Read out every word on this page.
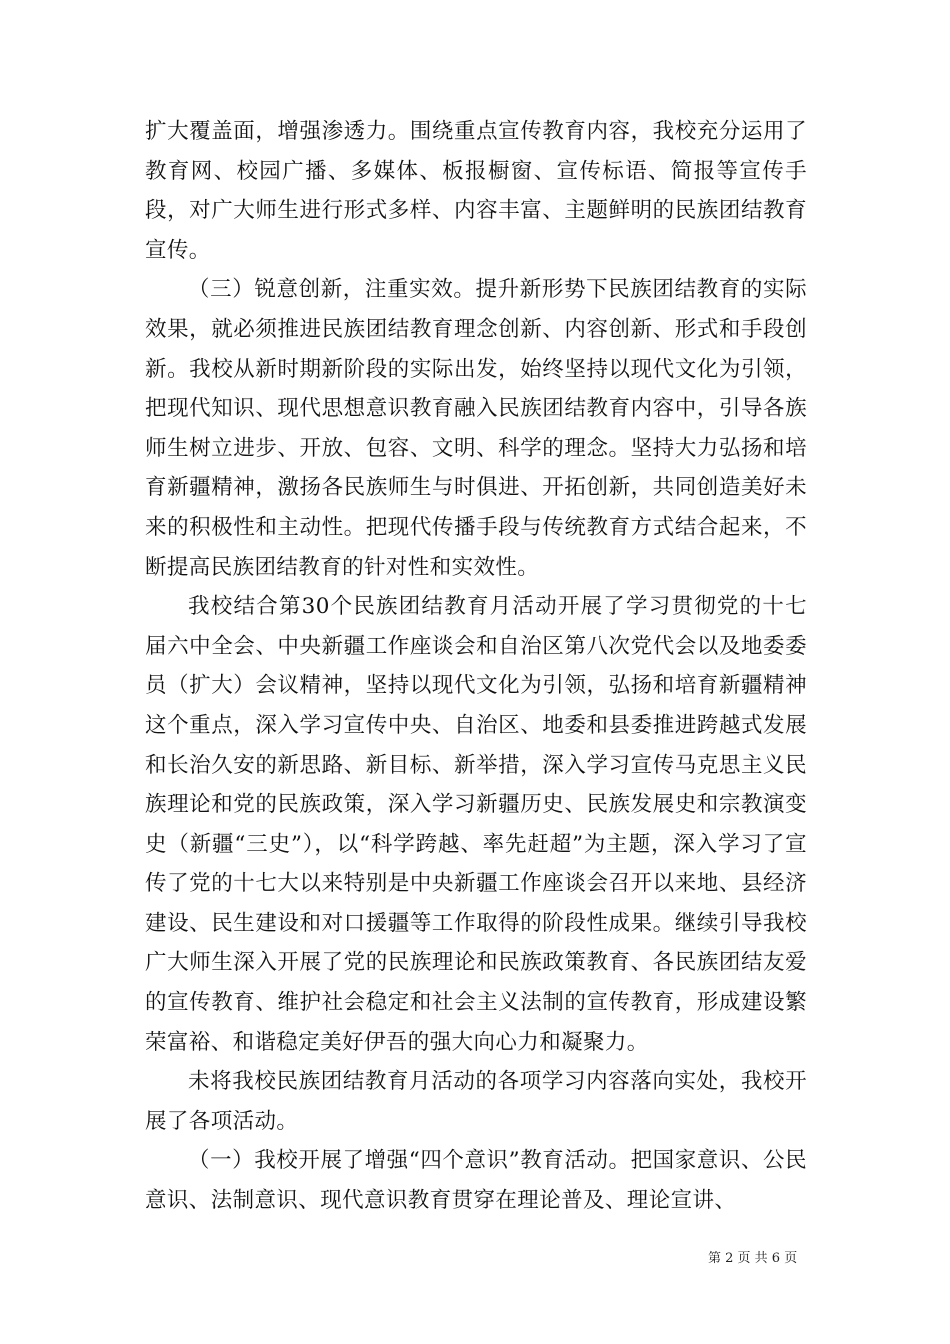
扩大覆盖面，增强渗透力。围绕重点宣传教育内容，我校充分运用了教育网、校园广播、多媒体、板报橱窗、宣传标语、简报等宣传手段，对广大师生进行形式多样、内容丰富、主题鲜明的民族团结教育宣传。

（三）锐意创新，注重实效。提升新形势下民族团结教育的实际效果，就必须推进民族团结教育理念创新、内容创新、形式和手段创新。我校从新时期新阶段的实际出发，始终坚持以现代文化为引领，把现代知识、现代思想意识教育融入民族团结教育内容中，引导各族师生树立进步、开放、包容、文明、科学的理念。坚持大力弘扬和培育新疆精神，激扬各民族师生与时俱进、开拓创新，共同创造美好未来的积极性和主动性。把现代传播手段与传统教育方式结合起来，不断提高民族团结教育的针对性和实效性。

我校结合第30个民族团结教育月活动开展了学习贯彻党的十七届六中全会、中央新疆工作座谈会和自治区第八次党代会以及地委委员（扩大）会议精神，坚持以现代文化为引领，弘扬和培育新疆精神这个重点，深入学习宣传中央、自治区、地委和县委推进跨越式发展和长治久安的新思路、新目标、新举措，深入学习宣传马克思主义民族理论和党的民族政策，深入学习新疆历史、民族发展史和宗教演变史（新疆“三史”），以“科学跨越、率先赶超”为主题，深入学习了宣传了党的十七大以来特别是中央新疆工作座谈会召开以来地、县经济建设、民生建设和对口援疆等工作取得的阶段性成果。继续引导我校广大师生深入开展了党的民族理论和民族政策教育、各民族团结友爱的宣传教育、维护社会稳定和社会主义法制的宣传教育，形成建设繁荣富裕、和谐稳定美好伊吾的强大向心力和凝聚力。

未将我校民族团结教育月活动的各项学习内容落向实处，我校开展了各项活动。

（一）我校开展了增强“四个意识”教育活动。把国家意识、公民意识、法制意识、现代意识教育贯穿在理论普及、理论宣讲、

第 2 页 共 6 页
